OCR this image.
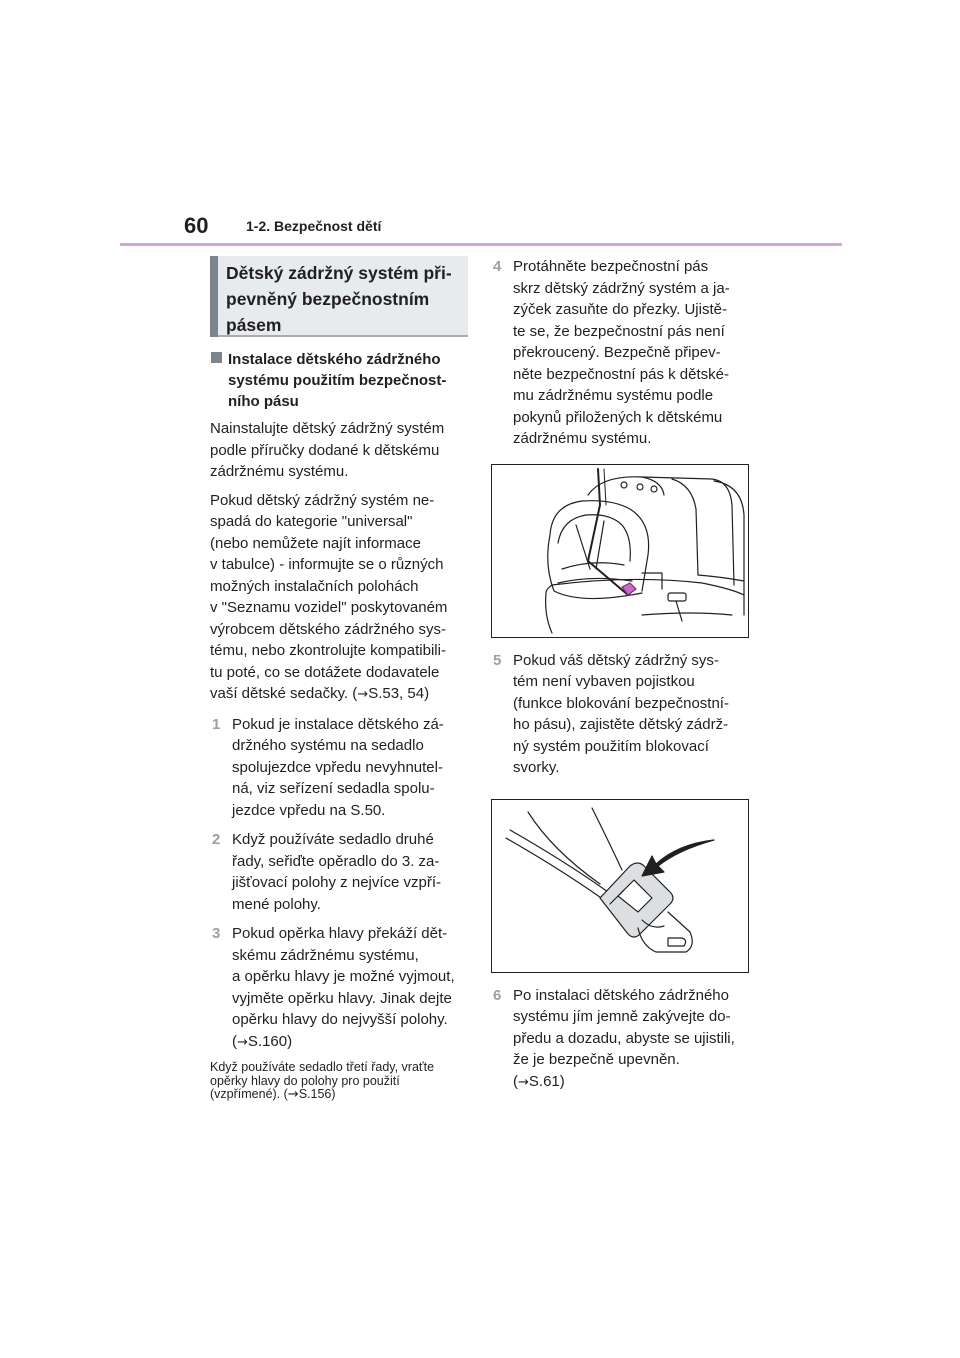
60	1-2. Bezpečnost dětí
Dětský zádržný systém při-
pevněný bezpečnostním
pásem
Instalace dětského zádržného
systému použitím bezpečnost-
ního pásu

Nainstalujte dětský zádržný systém
podle příručky dodané k dětskému
zádržnému systému.

Pokud dětský zádržný systém ne-
spadá do kategorie "universal"
(nebo nemůžete najít informace
v tabulce) - informujte se o různých
možných instalačních polohách
v "Seznamu vozidel" poskytovaném
výrobcem dětského zádržného sys-
tému, nebo zkontrolujte kompatibili-
tu poté, co se dotážete dodavatele
vaší dětské sedačky. (→S.53, 54)

1 Pokud je instalace dětského zá-
držného systému na sedadlo
spolujezdce vpředu nevyhnutel-
ná, viz seřízení sedadla spolu-
jezdce vpředu na S.50.
2 Když používáte sedadlo druhé
řady, seřiďte opěradlo do 3. za-
jišťovací polohy z nejvíce vzpří-
mené polohy.
3 Pokud opěrka hlavy překáží dět-
skému zádržnému systému,
a opěrku hlavy je možné vyjmout,
vyjměte opěrku hlavy. Jinak dejte
opěrku hlavy do nejvyšší polohy.
(→S.160)

Když používáte sedadlo třetí řady, vraťte
opěrky hlavy do polohy pro použití
(vzpřímené). (→S.156)

4 Protáhněte bezpečnostní pás
skrz dětský zádržný systém a ja-
zýček zasuňte do přezky. Ujistě-
te se, že bezpečnostní pás není
překroucený. Bezpečně připev-
něte bezpečnostní pás k dětské-
mu zádržnému systému podle
pokynů přiložených k dětskému
zádržnému systému.
5 Pokud váš dětský zádržný sys-
tém není vybaven pojistkou
(funkce blokování bezpečnostní-
ho pásu), zajistěte dětský zádrž-
ný systém použitím blokovací
svorky.
6 Po instalaci dětského zádržného
systému jím jemně zakývejte do-
předu a dozadu, abyste se ujistili,
že je bezpečně upevněn.
(→S.61)
